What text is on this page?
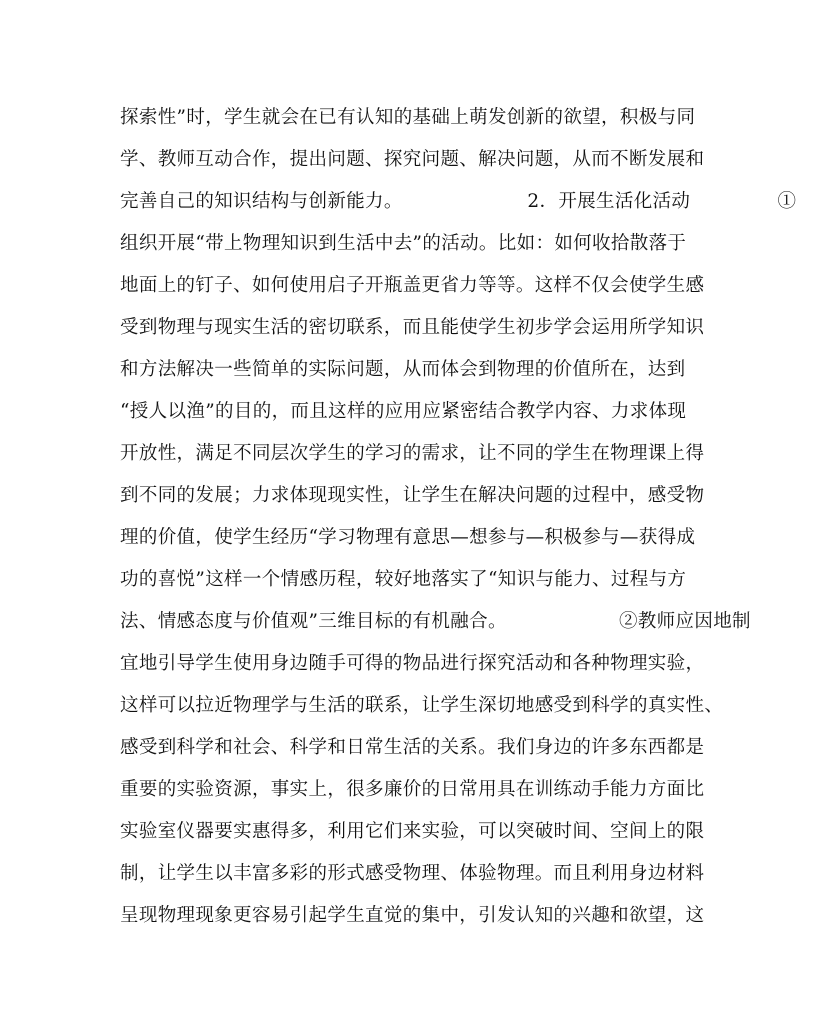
探索性”时，学生就会在已有认知的基础上萌发创新的欲望，积极与同
学、教师互动合作，提出问题、探究问题、解决问题，从而不断发展和
完善自己的知识结构与创新能力。                    2．开展生活化活动              ①
组织开展“带上物理知识到生活中去”的活动。比如：如何收拾散落于
地面上的钉子、如何使用启子开瓶盖更省力等等。这样不仅会使学生感
受到物理与现实生活的密切联系，而且能使学生初步学会运用所学知识
和方法解决一些简单的实际问题，从而体会到物理的价值所在，达到
“授人以渔”的目的，而且这样的应用应紧密结合教学内容、力求体现
开放性，满足不同层次学生的学习的需求，让不同的学生在物理课上得
到不同的发展；力求体现现实性，让学生在解决问题的过程中，感受物
理的价值，使学生经历“学习物理有意思—想参与—积极参与—获得成
功的喜悦”这样一个情感历程，较好地落实了“知识与能力、过程与方
法、情感态度与价值观”三维目标的有机融合。                  ②教师应因地制
宜地引导学生使用身边随手可得的物品进行探究活动和各种物理实验，
这样可以拉近物理学与生活的联系，让学生深切地感受到科学的真实性、
感受到科学和社会、科学和日常生活的关系。我们身边的许多东西都是
重要的实验资源，事实上，很多廉价的日常用具在训练动手能力方面比
实验室仪器要实惠得多，利用它们来实验，可以突破时间、空间上的限
制，让学生以丰富多彩的形式感受物理、体验物理。而且利用身边材料
呈现物理现象更容易引起学生直觉的集中，引发认知的兴趣和欲望，这
